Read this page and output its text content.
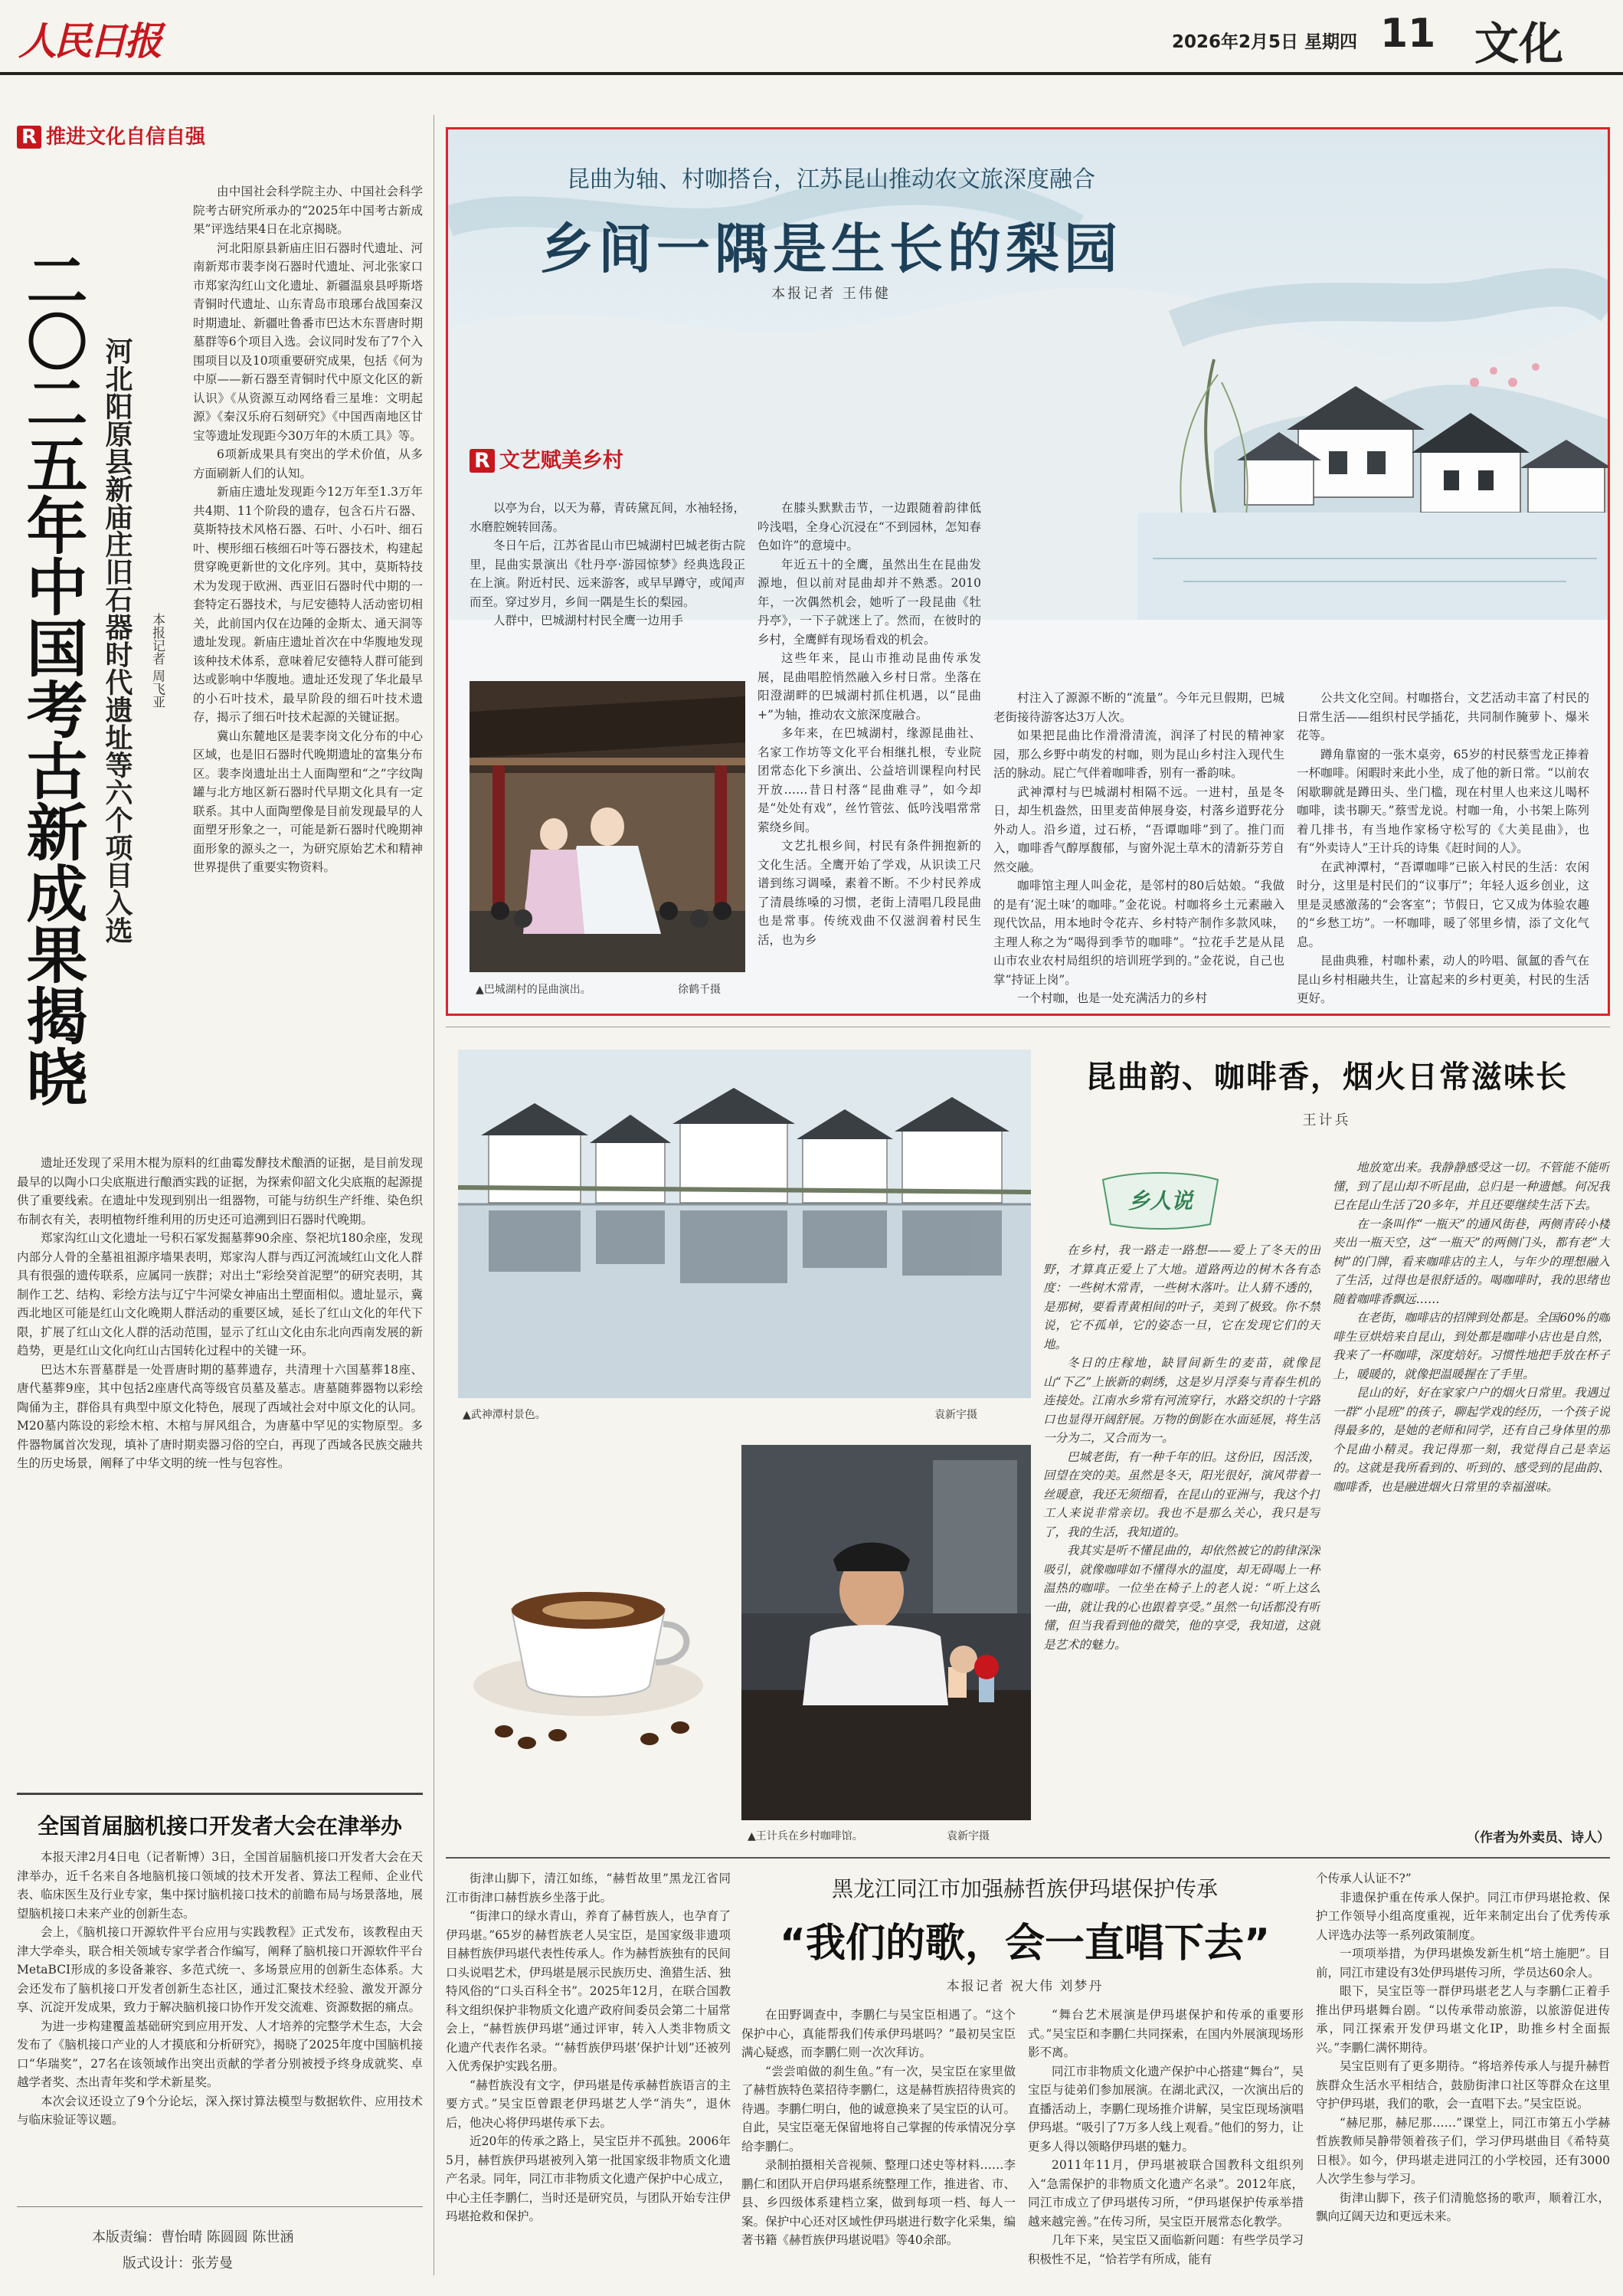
人民日报	2026年2月5日 星期四 11 文化
R 推进文化自信自强
二〇二五年中国考古新成果揭晓 河北阳原县新庙庄旧石器时代遗址等六个项目入选 本报记者 周飞亚

由中国社会科学院主办、中国社会科学院考古研究所承办的“2025年中国考古新成果”评选结果4日在北京揭晓。

河北阳原县新庙庄旧石器时代遗址、河南新郑市裴李岗石器时代遗址、河北张家口市郑家沟红山文化遗址、新疆温泉县呼斯塔青铜时代遗址、山东青岛市琅琊台战国秦汉时期遗址、新疆吐鲁番市巴达木东晋唐时期墓群等6个项目入选。会议同时发布了7个入围项目以及10项重要研究成果，包括《何为中原——新石器至青铜时代中原文化区的新认识》《从资源互动网络看三星堆：文明起源》《秦汉乐府石刻研究》《中国西南地区甘宝等遗址发现距今30万年的木质工具》等。

6项新成果具有突出的学术价值，从多方面刷新人们的认知。

新庙庄遗址发现距今12万年至1.3万年共4期、11个阶段的遗存，包含石片石器、莫斯特技术风格石器、石叶、小石叶、细石叶、楔形细石核细石叶等石器技术，构建起贯穿晚更新世的文化序列。其中，莫斯特技术为发现于欧洲、西亚旧石器时代中期的一套特定石器技术，与尼安德特人活动密切相关，此前国内仅在边陲的金斯太、通天洞等遗址发现。新庙庄遗址首次在中华腹地发现该种技术体系，意味着尼安德特人群可能到达或影响中华腹地。遗址还发现了华北最早的小石叶技术，最早阶段的细石叶技术遗存，揭示了细石叶技术起源的关键证据。

冀山东麓地区是裴李岗文化分布的中心区域，也是旧石器时代晚期遗址的富集分布区。裴李岗遗址出土人面陶塑和“之”字纹陶罐与北方地区新石器时代早期文化具有一定联系。其中人面陶塑像是目前发现最早的人面塑牙形象之一，可能是新石器时代晚期神面形象的源头之一，为研究原始艺术和精神世界提供了重要实物资料。

遗址还发现了采用木棍为原料的红曲霉发酵技术酿酒的证据，是目前发现最早的以陶小口尖底瓶进行酿酒实践的证据，为探索仰韶文化尖底瓶的起源提供了重要线索。在遗址中发现到别出一组器物，可能与纺织生产纤维、染色织布制衣有关，表明植物纤维利用的历史还可追溯到旧石器时代晚期。

郑家沟红山文化遗址一号积石冢发掘墓葬90余座、祭祀坑180余座，发现内部分人骨的全墓祖祖源序墙果表明，郑家沟人群与西辽河流域红山文化人群具有很强的遗传联系，应属同一族群；对出土“彩绘癸首泥塑”的研究表明，其制作工艺、结构、彩绘方法与辽宁牛河梁女神庙出土塑面相似。遗址显示，冀西北地区可能是红山文化晚期人群活动的重要区域，延长了红山文化的年代下限，扩展了红山文化人群的活动范围，显示了红山文化由东北向西南发展的新趋势，更是红山文化向红山古国转化过程中的关键一环。

巴达木东晋墓群是一处晋唐时期的墓葬遗存，共清理十六国墓葬18座、唐代墓葬9座，其中包括2座唐代高等级官员墓及墓志。唐墓随葬器物以彩绘陶俑为主，群俗具有典型中原文化特色，展现了西域社会对中原文化的认同。M20墓内陈设的彩绘木棺、木棺与屏风组合，为唐墓中罕见的实物原型。多件器物属首次发现，填补了唐时期卖器习俗的空白，再现了西域各民族交融共生的历史场景，阐释了中华文明的统一性与包容性。

全国首届脑机接口开发者大会在津举办

本报天津2月4日电（记者靳博）3日，全国首届脑机接口开发者大会在天津举办，近千名来自各地脑机接口领域的技术开发者、算法工程师、企业代表、临床医生及行业专家，集中探讨脑机接口技术的前瞻布局与场景落地，展望脑机接口未来产业的创新生态。

会上，《脑机接口开源软件平台应用与实践教程》正式发布，该教程由天津大学牵头，联合相关领域专家学者合作编写，阐释了脑机接口开源软件平台MetaBCI形成的多设备兼容、多范式统一、多场景应用的创新生态体系。大会还发布了脑机接口开发者创新生态社区，通过汇聚技术经验、激发开源分享、沉淀开发成果，致力于解决脑机接口协作开发交流难、资源数据的痛点。

为进一步构建覆盖基础研究到应用开发、人才培养的完整学术生态，大会发布了《脑机接口产业的人才摸底和分析研究》，揭晓了2025年度中国脑机接口“华瑞奖”，27名在该领域作出突出贡献的学者分别被授予终身成就奖、卓越学者奖、杰出青年奖和学术新星奖。

本次会议还设立了9个分论坛，深入探讨算法模型与数据软件、应用技术与临床验证等议题。

本版责编：曹怡晴 陈圆圆 陈世涵
版式设计：张芳曼
昆曲为轴、村咖搭台，江苏昆山推动农文旅深度融合
乡间一隅是生长的梨园
本报记者 王伟健
R 文艺赋美乡村

以亭为台，以天为幕，青砖黛瓦间，水袖轻扬，水磨腔婉转回荡。

冬日午后，江苏省昆山市巴城湖村巴城老街古院里，昆曲实景演出《牡丹亭·游园惊梦》经典选段正在上演。附近村民、远来游客，或早早蹲守，或闻声而至。穿过岁月，乡间一隅是生长的梨园。

人群中，巴城湖村村民全鹰一边用手

▲巴城湖村的昆曲演出。	徐鹤千摄

在膝头默默击节，一边跟随着韵律低吟浅唱，全身心沉浸在“不到园林，怎知春色如许”的意境中。

年近五十的全鹰，虽然出生在昆曲发源地，但以前对昆曲却并不熟悉。2010年，一次偶然机会，她听了一段昆曲《牡丹亭》，一下子就迷上了。然而，在彼时的乡村，全鹰鲜有现场看戏的机会。

这些年来，昆山市推动昆曲传承发展，昆曲唱腔悄然融入乡村日常。坐落在阳澄湖畔的巴城湖村抓住机遇，以“昆曲+”为轴，推动农文旅深度融合。

多年来，在巴城湖村，缘源昆曲社、名家工作坊等文化平台相继扎根，专业院团常态化下乡演出、公益培训课程向村民开放……昔日村落“昆曲难寻”，如今却是“处处有戏”，丝竹管弦、低吟浅唱常常萦绕乡间。

文艺扎根乡间，村民有条件拥抱新的文化生活。全鹰开始了学戏，从识读工尺谱到练习调嗓，素着不断。不少村民养成了清晨练嗓的习惯，老街上清唱几段昆曲也是常事。传统戏曲不仅滋润着村民生活，也为乡

村注入了源源不断的“流量”。今年元旦假期，巴城老街接待游客达3万人次。

如果把昆曲比作滑滑清流，润泽了村民的精神家园，那么乡野中萌发的村咖，则为昆山乡村注入现代生活的脉动。屁亡气伴着咖啡香，别有一番韵味。

武神潭村与巴城湖村相隔不远。一进村，虽是冬日，却生机盎然，田里麦苗伸展身姿，村落乡道野花分外动人。沿乡道，过石桥，“吾谭咖啡”到了。推门而入，咖啡香气醇厚馥郁，与窗外泥土草木的清新芬芳自然交融。

咖啡馆主理人叫金花，是邻村的80后姑娘。“我做的是有‘泥土味’的咖啡。”金花说。村咖将乡土元素融入现代饮品，用本地时令花卉、乡村特产制作多款风味，主理人称之为“喝得到季节的咖啡”。“拉花手艺是从昆山市农业农村局组织的培训班学到的。”金花说，自己也掌“持证上岗”。

一个村咖，也是一处充满活力的乡村

公共文化空间。村咖搭台，文艺活动丰富了村民的日常生活——组织村民学插花，共同制作腌萝卜、爆米花等。

蹲角靠窗的一张木桌旁，65岁的村民蔡雪龙正捧着一杯咖啡。闲暇时来此小坐，成了他的新日常。“以前农闲歇聊就是蹲田头、坐门槛，现在村里人也来这儿喝杯咖啡，读书聊天。”蔡雪龙说。村咖一角，小书架上陈列着几排书，有当地作家杨守松写的《大美昆曲》，也有“外卖诗人”王计兵的诗集《赶时间的人》。

在武神潭村，“吾谭咖啡”已嵌入村民的生活：农闲时分，这里是村民们的“议事厅”；年轻人返乡创业，这里是灵感激荡的“会客室”；节假日，它又成为体验农趣的“乡愁工坊”。一杯咖啡，暖了邻里乡情，添了文化气息。

昆曲典雅，村咖朴素，动人的吟唱、氤氲的香气在昆山乡村相融共生，让富起来的乡村更美，村民的生活更好。

▲武神潭村景色。	袁新宇摄
▲王计兵在乡村咖啡馆。	袁新宇摄
昆曲韵、咖啡香，烟火日常滋味长
王计兵
乡人说

在乡村，我一路走一路想——爱上了冬天的田野，才算真正爱上了大地。道路两边的树木各有态度：一些树木常青，一些树木落叶。让人猜不透的，是那树，要看青黄相间的叶子，美到了极致。你不禁说，它不孤单，它的姿态一旦，它在发现它们的天地。

冬日的庄稼地，缺冒间新生的麦苗，就像昆山“下乙”上嵌新的刺绣，这是岁月浮奏与青春生机的连接处。江南水乡常有河流穿行，水路交织的十字路口也显得开阔舒展。万物的倒影在水面延展，将生活一分为二，又合而为一。

巴城老街，有一种千年的旧。这份旧，因活泼，回望在突的美。虽然是冬天，阳光很好，演风带着一丝暖意，我还无须细看，在昆山的亚洲与，我这个打工人来说非常亲切。我也不是那么关心，我只是写了，我的生活，我知道的。

我其实是听不懂昆曲的，却依然被它的韵律深深吸引，就像咖啡如不懂得水的温度，却无碍喝上一杯温热的咖啡。一位坐在椅子上的老人说：“听上这么一曲，就让我的心也跟着享受。”虽然一句话都没有听懂，但当我看到他的微笑，他的享受，我知道，这就是艺术的魅力。

地放宽出来。我静静感受这一切。不管能不能听懂，到了昆山却不听昆曲，总归是一种遗憾。何况我已在昆山生活了20多年，并且还要继续生活下去。

在一条叫作“一瓶天”的通风街巷，两侧青砖小楼夹出一瓶天空，这“一瓶天”的两侧门头，都有老“大树”的门牌，看来咖啡店的主人，与年少的理想融入了生活，过得也是很舒适的。喝咖啡时，我的思绪也随着咖啡香飘远……

在老街，咖啡店的招牌到处都是。全国60%的咖啡生豆烘焙来自昆山，到处都是咖啡小店也是自然，我来了一杯咖啡，深度焙好。习惯性地把手放在杯子上，暖暖的，就像把温暖握在了手里。

昆山的好，好在家家户户的烟火日常里。我遇过一群“小昆班”的孩子，聊起学戏的经历，一个孩子说得最多的，是她的老师和同学，还有自己身体里的那个昆曲小精灵。我记得那一刻，我觉得自己是幸运的。这就是我所看到的、听到的、感受到的昆曲韵、咖啡香，也是融进烟火日常里的幸福滋味。

（作者为外卖员、诗人）

街津山脚下，清江如练，“赫哲故里”黑龙江省同江市街津口赫哲族乡坐落于此。

“街津口的绿水青山，养育了赫哲族人，也孕育了伊玛堪。”65岁的赫哲族老人吴宝臣，是国家级非遗项目赫哲族伊玛堪代表性传承人。作为赫哲族独有的民间口头说唱艺术，伊玛堪是展示民族历史、渔猎生活、独特风俗的“口头百科全书”。2025年12月，在联合国教科文组织保护非物质文化遗产政府间委员会第二十届常会上，“赫哲族伊玛堪”通过评审，转入人类非物质文化遗产代表作名录。“‘赫哲族伊玛堪’保护计划”还被列入优秀保护实践名册。

“赫哲族没有文字，伊玛堪是传承赫哲族语言的主要方式。”吴宝臣曾跟老伊玛堪艺人学“消失”，退休后，他决心将伊玛堪传承下去。

近20年的传承之路上，吴宝臣并不孤独。2006年5月，赫哲族伊玛堪被列入第一批国家级非物质文化遗产名录。同年，同江市非物质文化遗产保护中心成立，中心主任李鹏仁，当时还是研究员，与团队开始专注伊玛堪抢救和保护。

黑龙江同江市加强赫哲族伊玛堪保护传承
“我们的歌，会一直唱下去”
本报记者 祝大伟 刘梦丹

在田野调查中，李鹏仁与吴宝臣相遇了。“这个保护中心，真能帮我们传承伊玛堪吗？”最初吴宝臣满心疑惑，而李鹏仁则一次次拜访。

“尝尝咱做的刹生鱼。”有一次，吴宝臣在家里做了赫哲族特色菜招待李鹏仁，这是赫哲族招待贵宾的待遇。李鹏仁明白，他的诚意换来了吴宝臣的认可。自此，吴宝臣毫无保留地将自己掌握的传承情况分享给李鹏仁。

录制拍摄相关音视频、整理口述史等材料……李鹏仁和团队开启伊玛堪系统整理工作，推进省、市、县、乡四级体系建档立案，做到每项一档、每人一案。保护中心还对区域性伊玛堪进行数字化采集，编著书籍《赫哲族伊玛堪说唱》等40余部。

“舞台艺术展演是伊玛堪保护和传承的重要形式。”吴宝臣和李鹏仁共同探索，在国内外展演现场形影不离。

同江市非物质文化遗产保护中心搭建“舞台”，吴宝臣与徒弟们参加展演。在湖北武汉，一次演出后的直播活动上，李鹏仁现场推介讲解，吴宝臣现场演唱伊玛堪。“吸引了7万多人线上观看。”他们的努力，让更多人得以领略伊玛堪的魅力。

2011年11月，伊玛堪被联合国教科文组织列入“急需保护的非物质文化遗产名录”。2012年底，同江市成立了伊玛堪传习所，“伊玛堪保护传承举措越来越完善。”在传习所，吴宝臣开展常态化教学。

几年下来，吴宝臣又面临新问题：有些学员学习积极性不足，“恰若学有所成，能有

个传承人认证不?”

非遗保护重在传承人保护。同江市伊玛堪抢救、保护工作领导小组高度重视，近年来制定出台了优秀传承人评选办法等一系列政策制度。

一项项举措，为伊玛堪焕发新生机“培土施肥”。目前，同江市建设有3处伊玛堪传习所，学员达60余人。

眼下，吴宝臣等一群伊玛堪老艺人与李鹏仁正着手推出伊玛堪舞台剧。“以传承带动旅游，以旅游促进传承，同江探索开发伊玛堪文化IP，助推乡村全面振兴。”李鹏仁满怀期待。

吴宝臣则有了更多期待。“将培养传承人与提升赫哲族群众生活水平相结合，鼓励街津口社区等群众在这里守护伊玛堪，我们的歌，会一直唱下去。”吴宝臣说。

“赫尼那，赫尼那……”课堂上，同江市第五小学赫哲族教师吴静带领着孩子们，学习伊玛堪曲目《希特莫日根》。如今，伊玛堪走进同江的小学校园，还有3000人次学生参与学习。

街津山脚下，孩子们清脆悠扬的歌声，顺着江水，飘向辽阔天边和更远未来。
